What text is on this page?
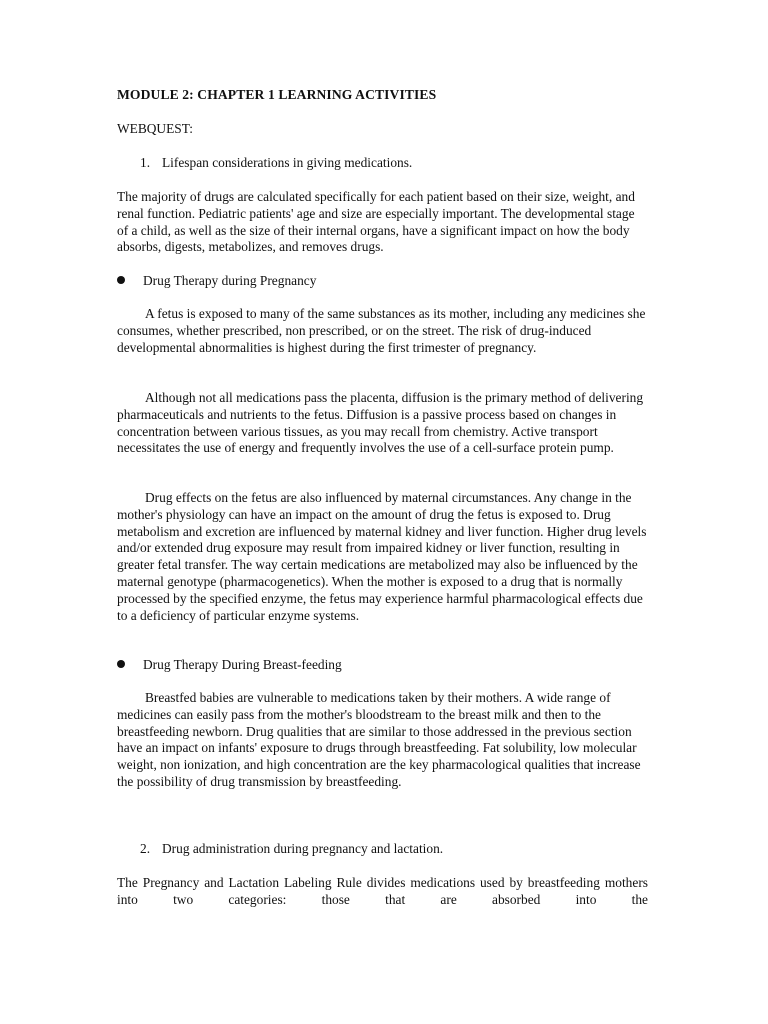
MODULE 2: CHAPTER 1 LEARNING ACTIVITIES
WEBQUEST:
1. Lifespan considerations in giving medications.
The majority of drugs are calculated specifically for each patient based on their size, weight, and renal function. Pediatric patients' age and size are especially important. The developmental stage of a child, as well as the size of their internal organs, have a significant impact on how the body absorbs, digests, metabolizes, and removes drugs.
Drug Therapy during Pregnancy
A fetus is exposed to many of the same substances as its mother, including any medicines she consumes, whether prescribed, non prescribed, or on the street. The risk of drug-induced developmental abnormalities is highest during the first trimester of pregnancy.
Although not all medications pass the placenta, diffusion is the primary method of delivering pharmaceuticals and nutrients to the fetus. Diffusion is a passive process based on changes in concentration between various tissues, as you may recall from chemistry. Active transport necessitates the use of energy and frequently involves the use of a cell-surface protein pump.
Drug effects on the fetus are also influenced by maternal circumstances. Any change in the mother's physiology can have an impact on the amount of drug the fetus is exposed to. Drug metabolism and excretion are influenced by maternal kidney and liver function. Higher drug levels and/or extended drug exposure may result from impaired kidney or liver function, resulting in greater fetal transfer. The way certain medications are metabolized may also be influenced by the maternal genotype (pharmacogenetics). When the mother is exposed to a drug that is normally processed by the specified enzyme, the fetus may experience harmful pharmacological effects due to a deficiency of particular enzyme systems.
Drug Therapy During Breast-feeding
Breastfed babies are vulnerable to medications taken by their mothers. A wide range of medicines can easily pass from the mother's bloodstream to the breast milk and then to the breastfeeding newborn. Drug qualities that are similar to those addressed in the previous section have an impact on infants' exposure to drugs through breastfeeding. Fat solubility, low molecular weight, non ionization, and high concentration are the key pharmacological qualities that increase the possibility of drug transmission by breastfeeding.
2. Drug administration during pregnancy and lactation.
The Pregnancy and Lactation Labeling Rule divides medications used by breastfeeding mothers into two categories: those that are absorbed into the
